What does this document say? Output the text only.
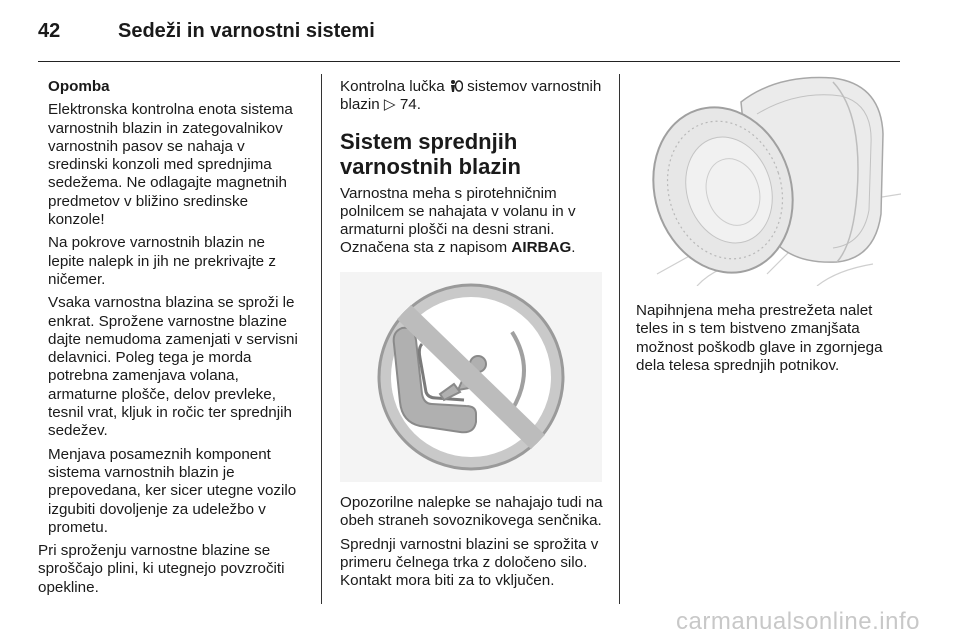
42	Sedeži in varnostni sistemi

Opomba

Elektronska kontrolna enota sistema varnostnih blazin in zategovalnikov varnostnih pasov se nahaja v sredinski konzoli med sprednjima sedežema. Ne odlagajte magnetnih predmetov v bližino sredinske konzole!

Na pokrove varnostnih blazin ne lepite nalepk in jih ne prekrivajte z ničemer.

Vsaka varnostna blazina se sproži le enkrat. Sprožene varnostne blazine dajte nemudoma zamenjati v servisni delavnici. Poleg tega je morda potrebna zamenjava volana, armaturne plošče, delov prevleke, tesnil vrat, kljuk in ročic ter sprednjih sedežev.

Menjava posameznih komponent sistema varnostnih blazin je prepovedana, ker sicer utegne vozilo izgubiti dovoljenje za udeležbo v prometu.

Pri sproženju varnostne blazine se sproščajo plini, ki utegnejo povzročiti opekline.

Kontrolna lučka  sistemov varnostnih blazin ▷ 74.

Sistem sprednjih varnostnih blazin

Varnostna meha s pirotehničnim polnilcem se nahajata v volanu in v armaturni plošči na desni strani. Označena sta z napisom AIRBAG.

Opozorilne nalepke se nahajajo tudi na obeh straneh sovoznikovega senčnika.

Sprednji varnostni blazini se sprožita v primeru čelnega trka z določeno silo. Kontakt mora biti za to vključen.

Napihnjena meha prestrežeta nalet teles in s tem bistveno zmanjšata možnost poškodb glave in zgornjega dela telesa sprednjih potnikov.

carmanualsonline.info
